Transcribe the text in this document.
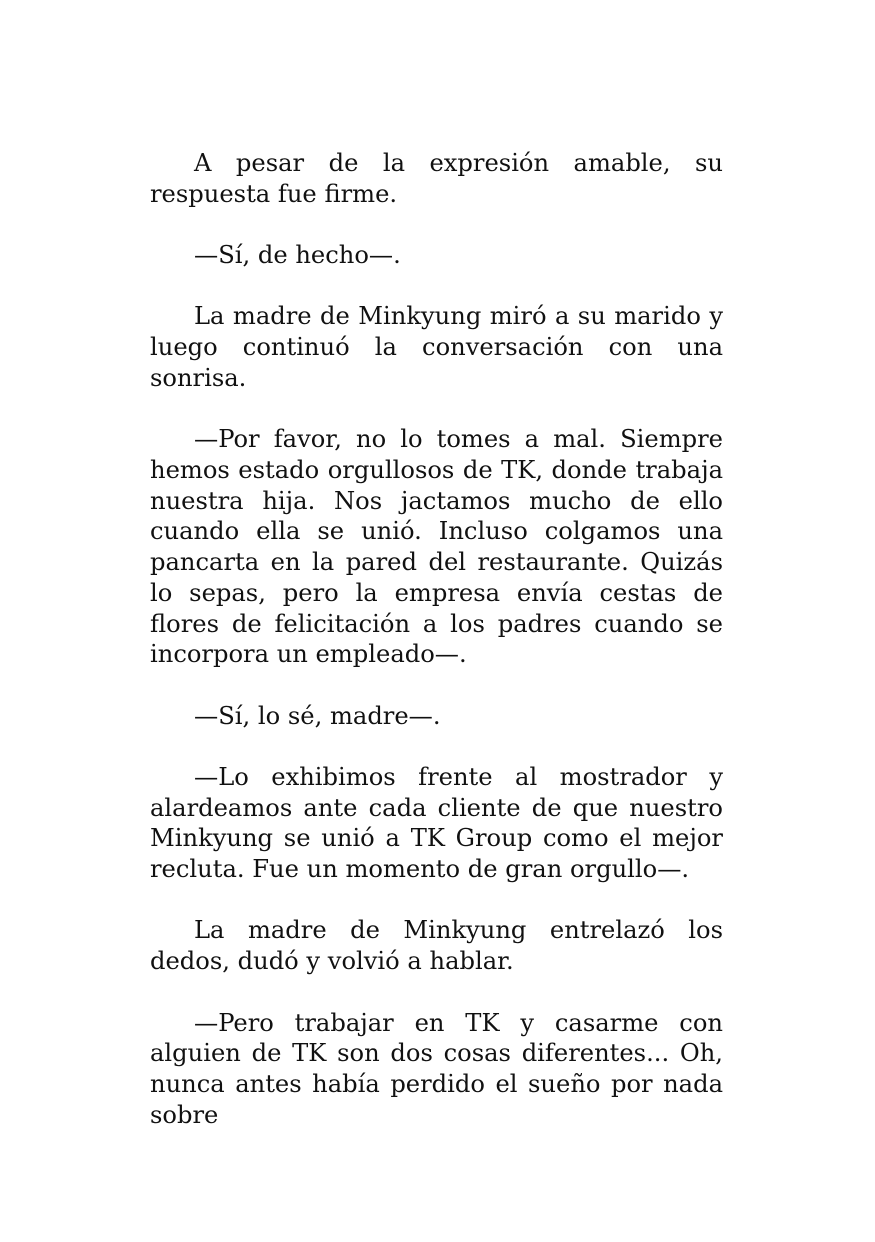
A pesar de la expresión amable, su respuesta fue firme.

—Sí, de hecho—.

La madre de Minkyung miró a su marido y luego continuó la conversación con una sonrisa.

—Por favor, no lo tomes a mal. Siempre hemos estado orgullosos de TK, donde trabaja nuestra hija. Nos jactamos mucho de ello cuando ella se unió. Incluso colgamos una pancarta en la pared del restaurante. Quizás lo sepas, pero la empresa envía cestas de flores de felicitación a los padres cuando se incorpora un empleado—.

—Sí, lo sé, madre—.

—Lo exhibimos frente al mostrador y alardeamos ante cada cliente de que nuestro Minkyung se unió a TK Group como el mejor recluta. Fue un momento de gran orgullo—.

La madre de Minkyung entrelazó los dedos, dudó y volvió a hablar.

—Pero trabajar en TK y casarme con alguien de TK son dos cosas diferentes... Oh, nunca antes había perdido el sueño por nada sobre
